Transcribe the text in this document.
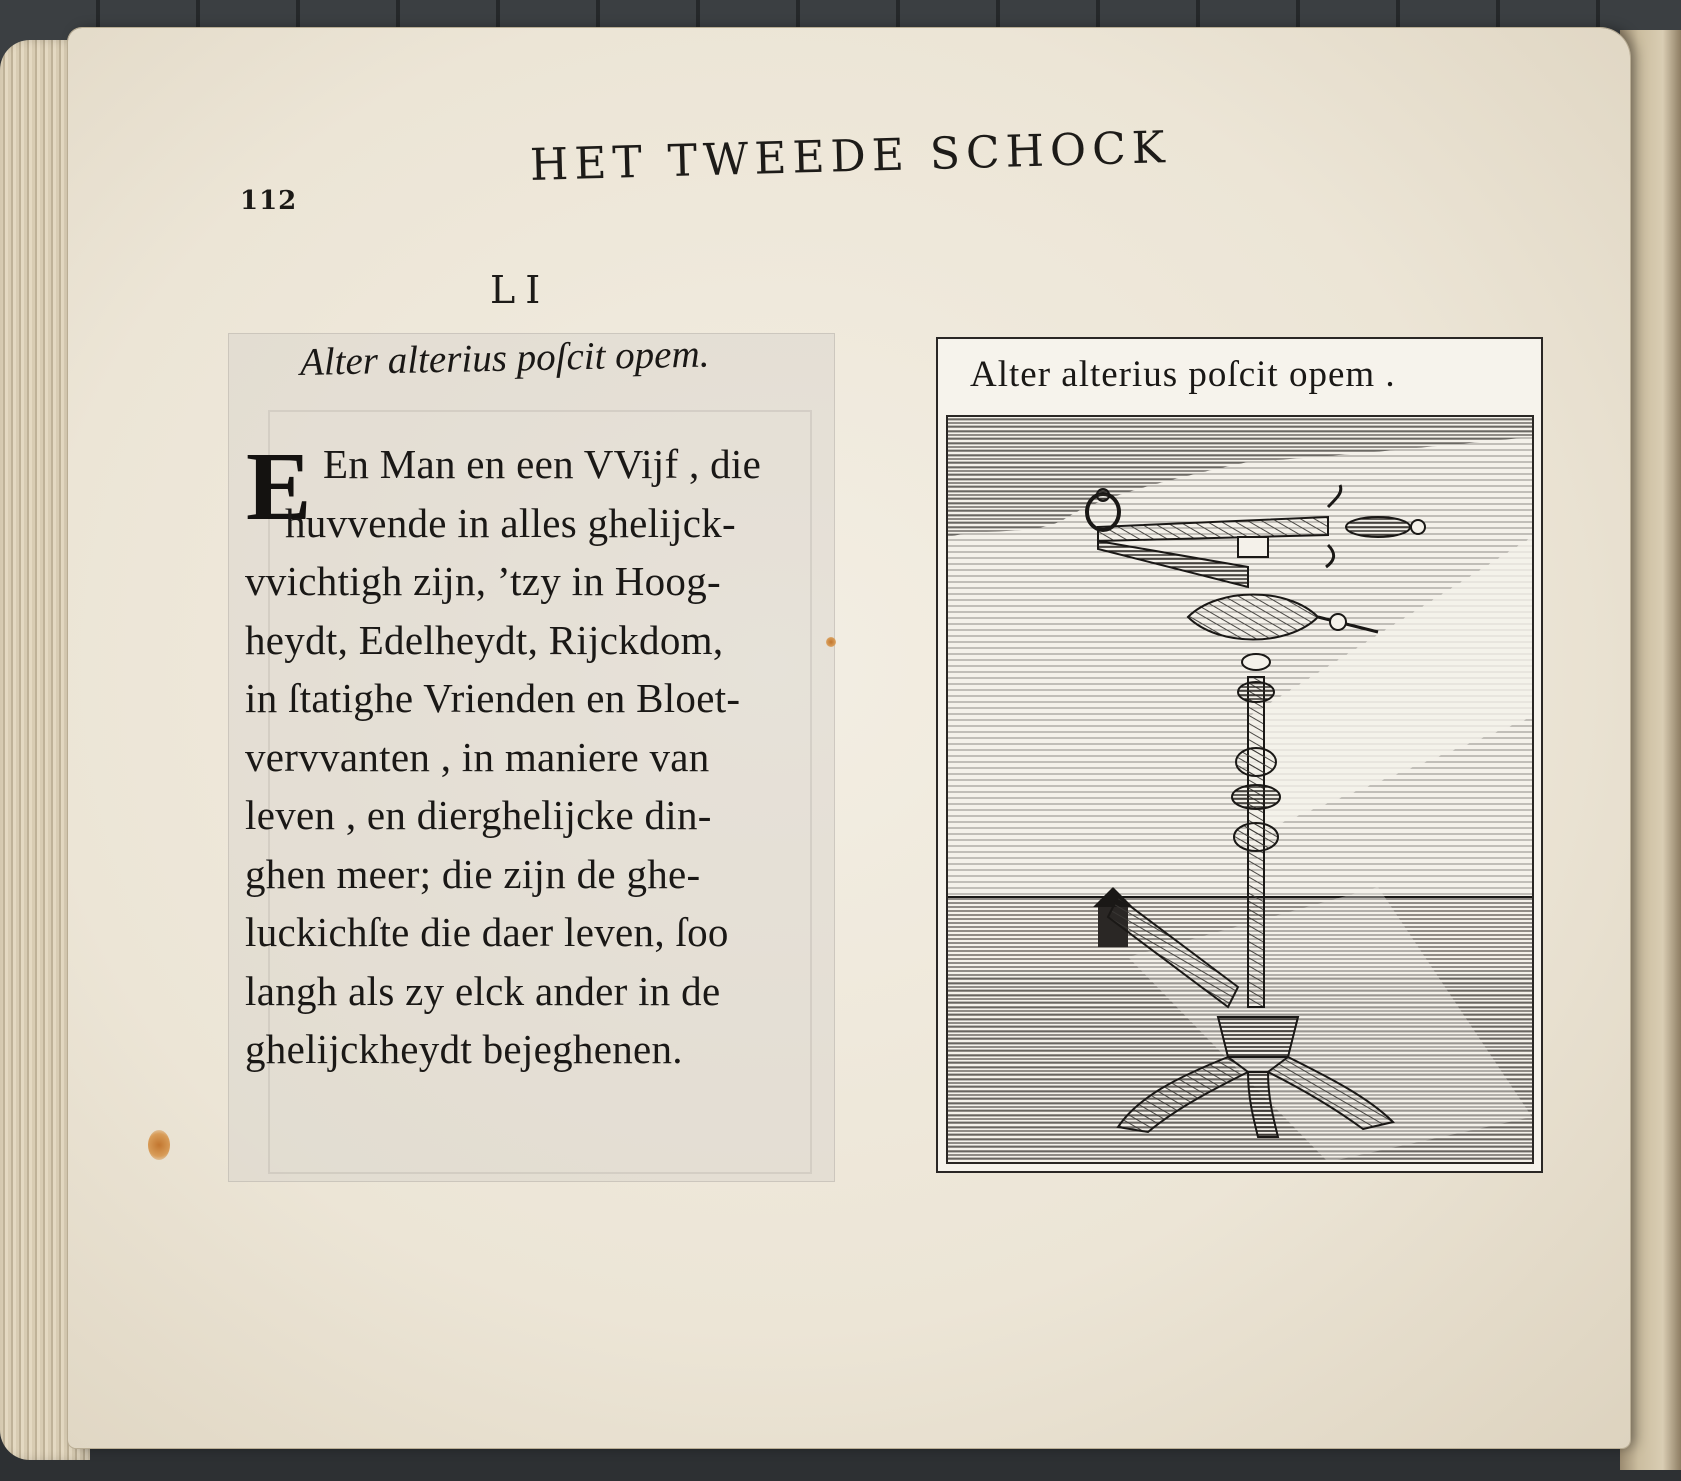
112
HET TWEEDE SCHOCK
LI
Alter alterius poſcit opem.
E En Man en een VVijf , die
huvvende in alles ghelijck-
vvichtigh zijn, ’tzy in Hoog-
heydt, Edelheydt, Rijckdom,
in ſtatighe Vrienden en Bloet-
vervvanten , in maniere van
leven , en dierghelijcke din-
ghen meer; die zijn de ghe-
luckichſte die daer leven, ſoo
langh als zy elck ander in de
ghelijckheydt bejeghenen.
Alter alterius poſcit opem .
